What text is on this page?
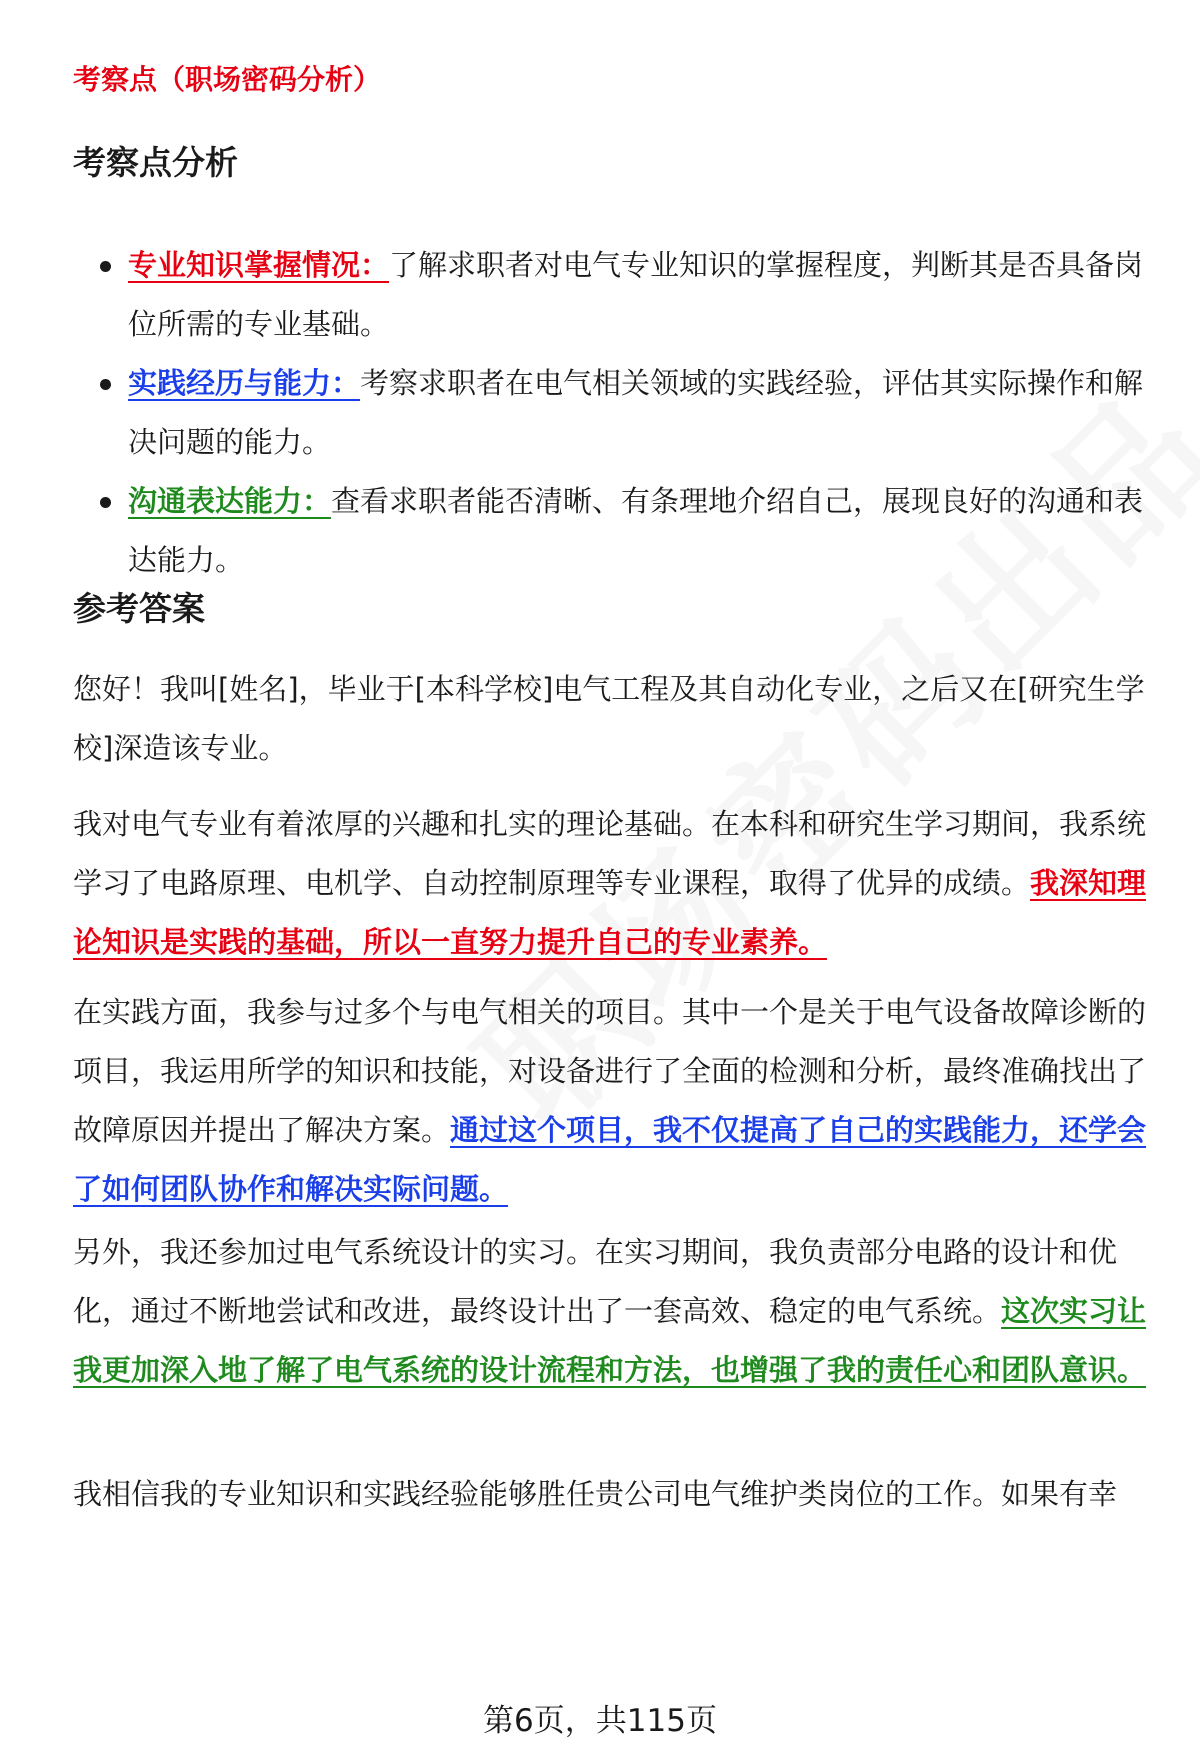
考察点（职场密码分析）
考察点分析
专业知识掌握情况：了解求职者对电气专业知识的掌握程度，判断其是否具备岗位所需的专业基础。
实践经历与能力：考察求职者在电气相关领域的实践经验，评估其实际操作和解决问题的能力。
沟通表达能力：查看求职者能否清晰、有条理地介绍自己，展现良好的沟通和表达能力。
参考答案

您好！我叫[姓名]，毕业于[本科学校]电气工程及其自动化专业，之后又在[研究生学校]深造该专业。

我对电气专业有着浓厚的兴趣和扎实的理论基础。在本科和研究生学习期间，我系统学习了电路原理、电机学、自动控制原理等专业课程，取得了优异的成绩。我深知理论知识是实践的基础，所以一直努力提升自己的专业素养。

在实践方面，我参与过多个与电气相关的项目。其中一个是关于电气设备故障诊断的项目，我运用所学的知识和技能，对设备进行了全面的检测和分析，最终准确找出了故障原因并提出了解决方案。通过这个项目，我不仅提高了自己的实践能力，还学会了如何团队协作和解决实际问题。

另外，我还参加过电气系统设计的实习。在实习期间，我负责部分电路的设计和优化，通过不断地尝试和改进，最终设计出了一套高效、稳定的电气系统。这次实习让我更加深入地了解了电气系统的设计流程和方法，也增强了我的责任心和团队意识。

我相信我的专业知识和实践经验能够胜任贵公司电气维护类岗位的工作。如果有幸

第6页，共115页
